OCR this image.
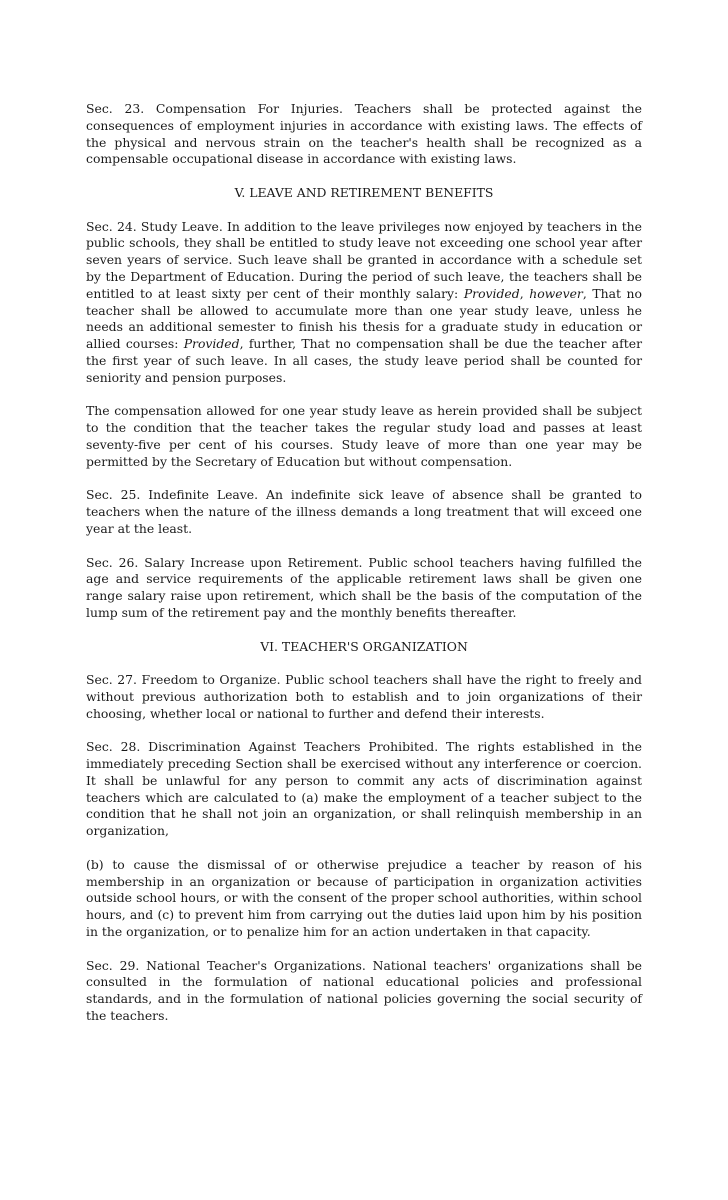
Sec. 23. Compensation For Injuries. Teachers shall be protected against the consequences of employment injuries in accordance with existing laws. The effects of the physical and nervous strain on the teacher's health shall be recognized as a compensable occupational disease in accordance with existing laws.

V. LEAVE AND RETIREMENT BENEFITS

Sec. 24. Study Leave. In addition to the leave privileges now enjoyed by teachers in the public schools, they shall be entitled to study leave not exceeding one school year after seven years of service. Such leave shall be granted in accordance with a schedule set by the Department of Education. During the period of such leave, the teachers shall be entitled to at least sixty per cent of their monthly salary: Provided, however, That no teacher shall be allowed to accumulate more than one year study leave, unless he needs an additional semester to finish his thesis for a graduate study in education or allied courses: Provided, further, That no compensation shall be due the teacher after the first year of such leave. In all cases, the study leave period shall be counted for seniority and pension purposes.

The compensation allowed for one year study leave as herein provided shall be subject to the condition that the teacher takes the regular study load and passes at least seventy-five per cent of his courses. Study leave of more than one year may be permitted by the Secretary of Education but without compensation.

Sec. 25. Indefinite Leave. An indefinite sick leave of absence shall be granted to teachers when the nature of the illness demands a long treatment that will exceed one year at the least.

Sec. 26. Salary Increase upon Retirement. Public school teachers having fulfilled the age and service requirements of the applicable retirement laws shall be given one range salary raise upon retirement, which shall be the basis of the computation of the lump sum of the retirement pay and the monthly benefits thereafter.

VI. TEACHER'S ORGANIZATION

Sec. 27. Freedom to Organize. Public school teachers shall have the right to freely and without previous authorization both to establish and to join organizations of their choosing, whether local or national to further and defend their interests.

Sec. 28. Discrimination Against Teachers Prohibited. The rights established in the immediately preceding Section shall be exercised without any interference or coercion. It shall be unlawful for any person to commit any acts of discrimination against teachers which are calculated to (a) make the employment of a teacher subject to the condition that he shall not join an organization, or shall relinquish membership in an organization,

(b) to cause the dismissal of or otherwise prejudice a teacher by reason of his membership in an organization or because of participation in organization activities outside school hours, or with the consent of the proper school authorities, within school hours, and (c) to prevent him from carrying out the duties laid upon him by his position in the organization, or to penalize him for an action undertaken in that capacity.

Sec. 29. National Teacher's Organizations. National teachers' organizations shall be consulted in the formulation of national educational policies and professional standards, and in the formulation of national policies governing the social security of the teachers.
